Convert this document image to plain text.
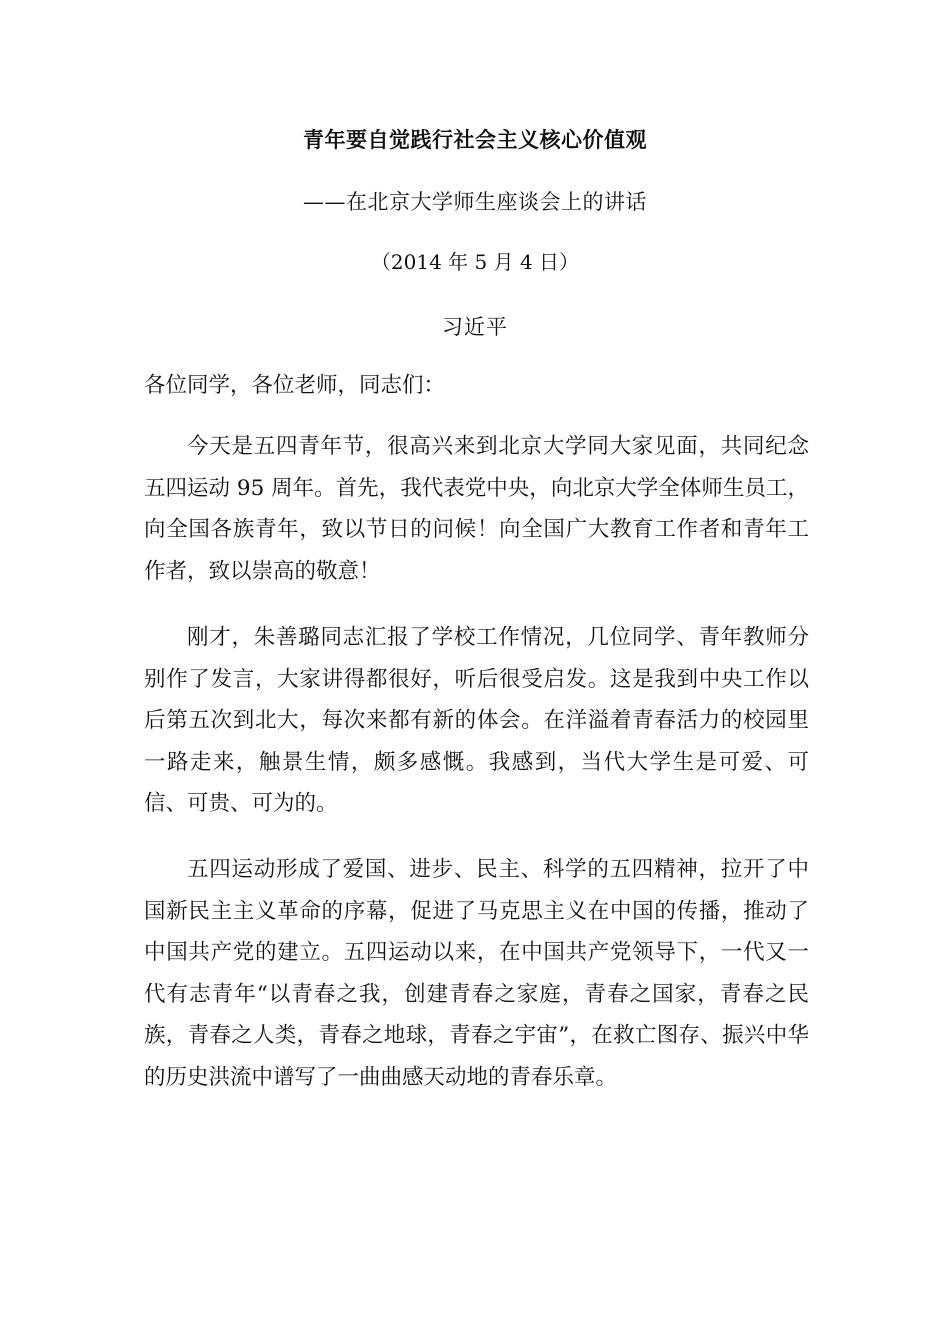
青年要自觉践行社会主义核心价值观
——在北京大学师生座谈会上的讲话
（2014 年 5 月 4 日）
习近平
各位同学，各位老师，同志们：
今天是五四青年节，很高兴来到北京大学同大家见面，共同纪念五四运动 95 周年。首先，我代表党中央，向北京大学全体师生员工，向全国各族青年，致以节日的问候！向全国广大教育工作者和青年工作者，致以崇高的敬意！
刚才，朱善璐同志汇报了学校工作情况，几位同学、青年教师分别作了发言，大家讲得都很好，听后很受启发。这是我到中央工作以后第五次到北大，每次来都有新的体会。在洋溢着青春活力的校园里一路走来，触景生情，颇多感慨。我感到，当代大学生是可爱、可信、可贵、可为的。
五四运动形成了爱国、进步、民主、科学的五四精神，拉开了中国新民主主义革命的序幕，促进了马克思主义在中国的传播，推动了中国共产党的建立。五四运动以来，在中国共产党领导下，一代又一代有志青年“以青春之我，创建青春之家庭，青春之国家，青春之民族，青春之人类，青春之地球，青春之宇宙”，在救亡图存、振兴中华的历史洪流中谱写了一曲曲感天动地的青春乐章。
